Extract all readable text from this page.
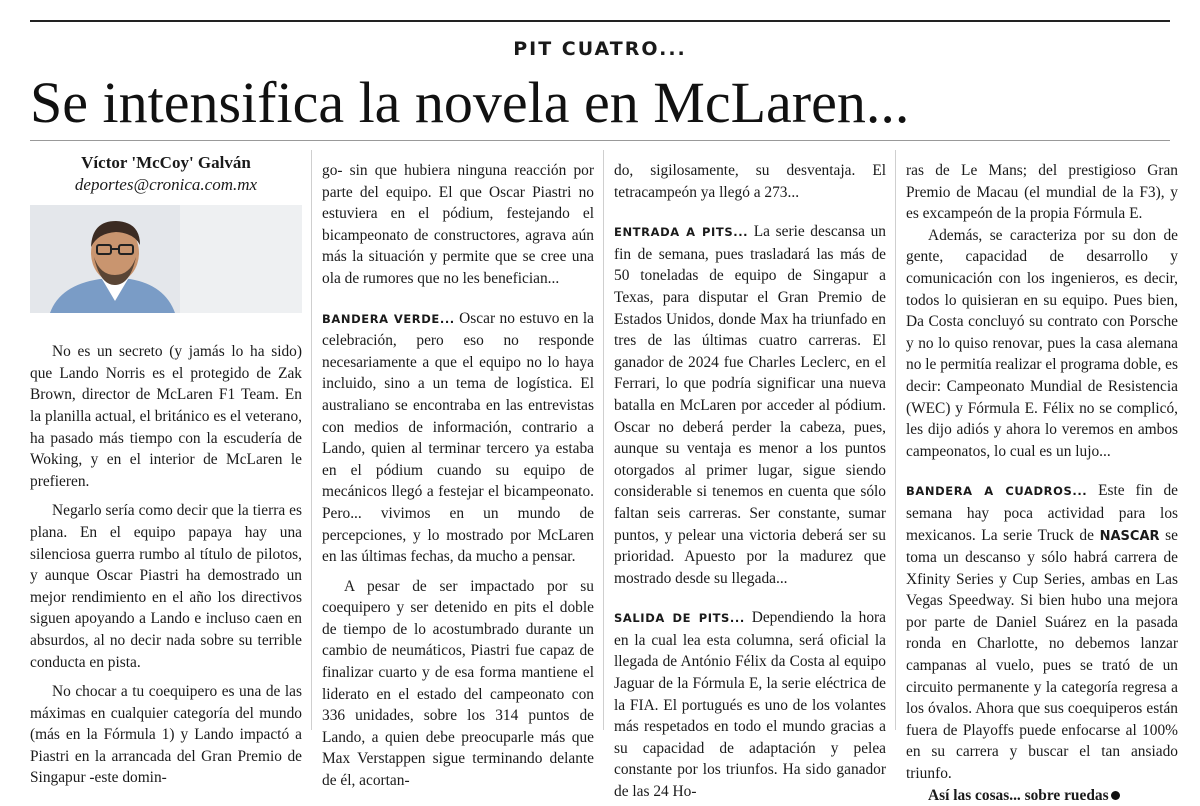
PIT CUATRO...
Se intensifica la novela en McLaren...
Víctor 'McCoy' Galván
deportes@cronica.com.mx

No es un secreto (y jamás lo ha sido) que Lando Norris es el protegido de Zak Brown, director de McLaren F1 Team. En la planilla actual, el británico es el veterano, ha pasado más tiempo con la escudería de Woking, y en el interior de McLaren le prefieren.

Negarlo sería como decir que la tierra es plana. En el equipo papaya hay una silenciosa guerra rumbo al título de pilotos, y aunque Oscar Piastri ha demostrado un mejor rendimiento en el año los directivos siguen apoyando a Lando e incluso caen en absurdos, al no decir nada sobre su terrible conducta en pista.

No chocar a tu coequipero es una de las máximas en cualquier categoría del mundo (más en la Fórmula 1) y Lando impactó a Piastri en la arrancada del Gran Premio de Singapur -este domin-

go- sin que hubiera ninguna reacción por parte del equipo. El que Oscar Piastri no estuviera en el pódium, festejando el bicampeonato de constructores, agrava aún más la situación y permite que se cree una ola de rumores que no les benefician...

BANDERA VERDE... Oscar no estuvo en la celebración, pero eso no responde necesariamente a que el equipo no lo haya incluido, sino a un tema de logística. El australiano se encontraba en las entrevistas con medios de información, contrario a Lando, quien al terminar tercero ya estaba en el pódium cuando su equipo de mecánicos llegó a festejar el bicampeonato. Pero... vivimos en un mundo de percepciones, y lo mostrado por McLaren en las últimas fechas, da mucho a pensar.

A pesar de ser impactado por su coequipero y ser detenido en pits el doble de tiempo de lo acostumbrado durante un cambio de neumáticos, Piastri fue capaz de finalizar cuarto y de esa forma mantiene el liderato en el estado del campeonato con 336 unidades, sobre los 314 puntos de Lando, a quien debe preocuparle más que Max Verstappen sigue terminando delante de él, acortan-

do, sigilosamente, su desventaja. El tetracampeón ya llegó a 273...

ENTRADA A PITS... La serie descansa un fin de semana, pues trasladará las más de 50 toneladas de equipo de Singapur a Texas, para disputar el Gran Premio de Estados Unidos, donde Max ha triunfado en tres de las últimas cuatro carreras. El ganador de 2024 fue Charles Leclerc, en el Ferrari, lo que podría significar una nueva batalla en McLaren por acceder al pódium. Oscar no deberá perder la cabeza, pues, aunque su ventaja es menor a los puntos otorgados al primer lugar, sigue siendo considerable si tenemos en cuenta que sólo faltan seis carreras. Ser constante, sumar puntos, y pelear una victoria deberá ser su prioridad. Apuesto por la madurez que mostrado desde su llegada...

SALIDA DE PITS... Dependiendo la hora en la cual lea esta columna, será oficial la llegada de António Félix da Costa al equipo Jaguar de la Fórmula E, la serie eléctrica de la FIA. El portugués es uno de los volantes más respetados en todo el mundo gracias a su capacidad de adaptación y pelea constante por los triunfos. Ha sido ganador de las 24 Ho-

ras de Le Mans; del prestigioso Gran Premio de Macau (el mundial de la F3), y es excampeón de la propia Fórmula E.

Además, se caracteriza por su don de gente, capacidad de desarrollo y comunicación con los ingenieros, es decir, todos lo quisieran en su equipo. Pues bien, Da Costa concluyó su contrato con Porsche y no lo quiso renovar, pues la casa alemana no le permitía realizar el programa doble, es decir: Campeonato Mundial de Resistencia (WEC) y Fórmula E. Félix no se complicó, les dijo adiós y ahora lo veremos en ambos campeonatos, lo cual es un lujo...

BANDERA A CUADROS... Este fin de semana hay poca actividad para los mexicanos. La serie Truck de NASCAR se toma un descanso y sólo habrá carrera de Xfinity Series y Cup Series, ambas en Las Vegas Speedway. Si bien hubo una mejora por parte de Daniel Suárez en la pasada ronda en Charlotte, no debemos lanzar campanas al vuelo, pues se trató de un circuito permanente y la categoría regresa a los óvalos. Ahora que sus coequiperos están fuera de Playoffs puede enfocarse al 100% en su carrera y buscar el tan ansiado triunfo.

Así las cosas... sobre ruedas
